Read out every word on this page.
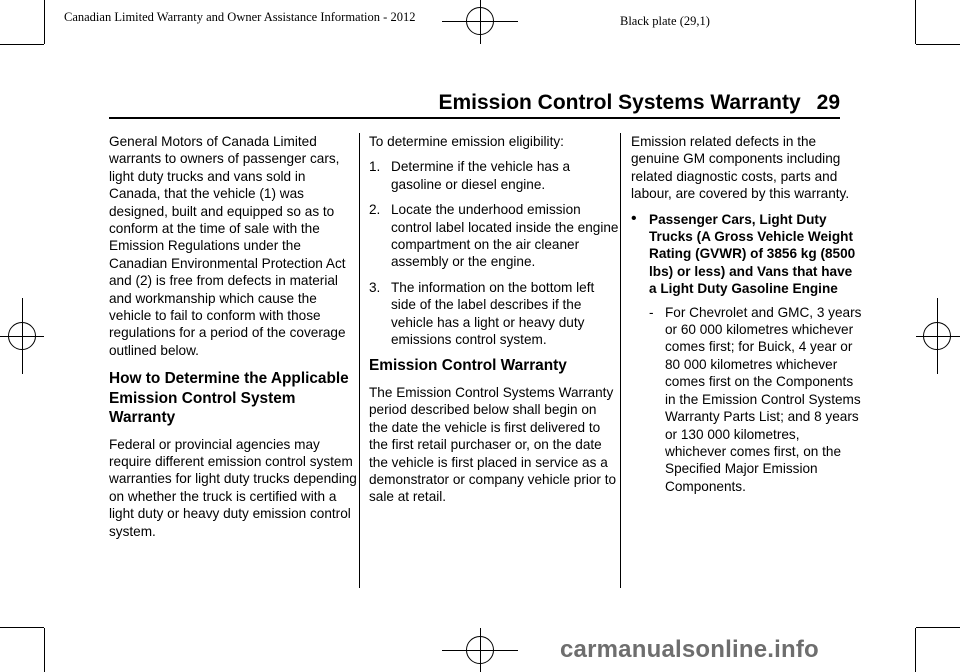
Canadian Limited Warranty and Owner Assistance Information - 2012	Black plate (29,1)
Emission Control Systems Warranty 29

General Motors of Canada Limited warrants to owners of passenger cars, light duty trucks and vans sold in Canada, that the vehicle (1) was designed, built and equipped so as to conform at the time of sale with the Emission Regulations under the Canadian Environmental Protection Act and (2) is free from defects in material and workmanship which cause the vehicle to fail to conform with those regulations for a period of the coverage outlined below.

How to Determine the Applicable Emission Control System Warranty

Federal or provincial agencies may require different emission control system warranties for light duty trucks depending on whether the truck is certified with a light duty or heavy duty emission control system.

To determine emission eligibility:

1. Determine if the vehicle has a gasoline or diesel engine.
2. Locate the underhood emission control label located inside the engine compartment on the air cleaner assembly or the engine.
3. The information on the bottom left side of the label describes if the vehicle has a light or heavy duty emissions control system.
Emission Control Warranty

The Emission Control Systems Warranty period described below shall begin on the date the vehicle is first delivered to the first retail purchaser or, on the date the vehicle is first placed in service as a demonstrator or company vehicle prior to sale at retail.

Emission related defects in the genuine GM components including related diagnostic costs, parts and labour, are covered by this warranty.

• Passenger Cars, Light Duty Trucks (A Gross Vehicle Weight Rating (GVWR) of 3856 kg (8500 lbs) or less) and Vans that have a Light Duty Gasoline Engine
- For Chevrolet and GMC, 3 years or 60 000 kilometres whichever comes first; for Buick, 4 year or 80 000 kilometres whichever comes first on the Components in the Emission Control Systems Warranty Parts List; and 8 years or 130 000 kilometres, whichever comes first, on the Specified Major Emission Components.
carmanualsonline.info
